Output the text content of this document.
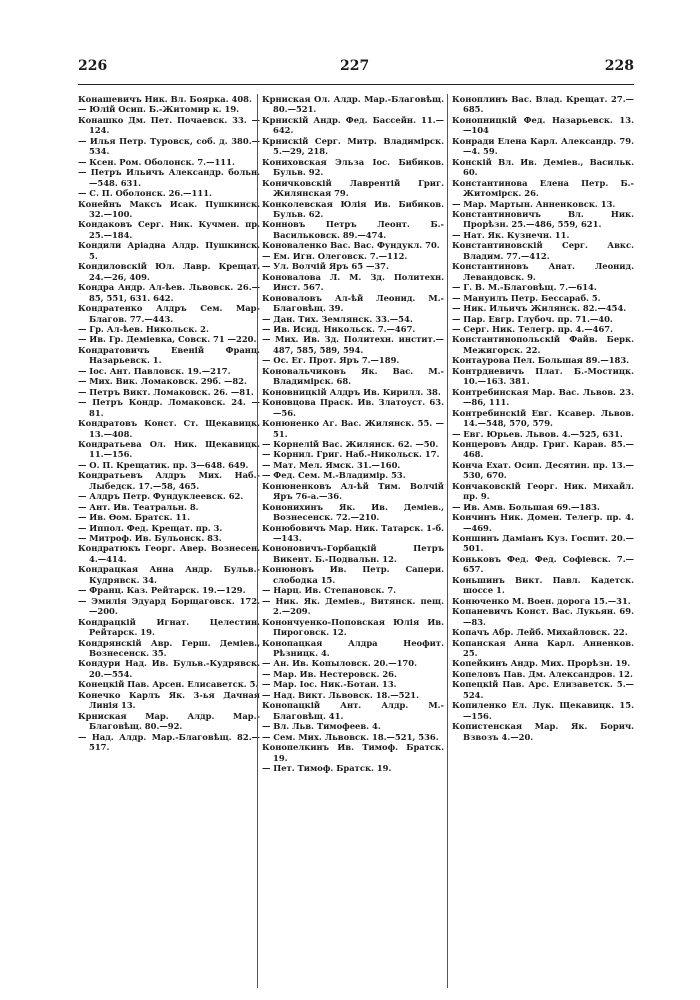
226	227	228

Конашевичъ Ник. Вл. Боярка. 408.

— Юлій Осип. Б.-Житомир к. 19.

Конашко Дм. Пет. Почаевск. 33. —124.

— Илья Петр. Туровск, соб. д. 380.—534.

— Ксен. Ром. Оболонск. 7.—111.

— Петръ Ильичъ Александр. больн.—548. 631.

— С. П. Оболонск. 26.—111.

Конейнъ Максъ Исак. Пушкинск. 32.—100.

Кондаковъ Серг. Ник. Кучмен. пр. 25.—184.

Кондили Аріадна Алдр. Пушкинск. 5.

Кондиловскій Юл. Лавр. Крещат. 24.—26, 409.

Кондра Андр. Ал-ѣев. Львовск. 26.—85, 551, 631. 642.

Кондратенко Алдръ Сем. Мар-Благов. 77.—443.

— Гр. Ал-ѣев. Никольск. 2.

— Ив. Гр. Деміевка, Совск. 71 —220.

Кондратовичъ Евеній Франц. Назарьевск. 1.

— Іос. Ант. Павловск. 19.—217.

— Мих. Вик. Ломаковск. 29б. —82.

— Петръ Викт. Ломаковск. 26. —81.

— Петръ Кондр. Ломаковск. 24. —81.

Кондратовъ Конст. Ст. Щекавицк. 13.—408.

Кондратьева Ол. Ник. Щекавицк. 11.—156.

— О. П. Крещатик. пр. 3—648. 649.

Кондратьевъ Алдръ Мих. Наб.-Лыбедск. 17.—58, 465.

— Алдръ Петр. Фундуклеевск. 62.

— Ант. Ив. Театральн. 8.

— Ив. Ѳом. Братск. 11.

— Иппол. Фед. Крещат. пр. 3.

— Митроф. Ив. Бульонск. 83.

Кондратюкъ Георг. Авер. Вознесен. 4.—414.

Кондрацкая Анна Андр. Бульв.-Кудрявск. 34.

— Франц. Каз. Рейтарск. 19.—129.

— Эмилія Эдуард Борщаговск. 172.—200.

Кондрацкій Игнат. Целестин. Рейтарск. 19.

Кондрянскій Авр. Герш. Деміев., Вознесенск. 35.

Кондури Над. Ив. Бульв.-Кудрявск. 20.—554.

Конецкій Пав. Арсен. Елисаветск. 5.

Конечко Карлъ Як. 3-ья Дачная Линія 13.

Крниская Мар. Алдр. Мар.-Благовѣщ. 80.—92.

— Над. Алдр. Мар.-Благовѣщ. 82.—517.

Крниская Ол. Алдр. Мар.-Благовѣщ. 80.—521.

Крнискій Андр. Фед. Бассейн. 11.—642.

Крнискій Серг. Митр. Владимірск. 5.—29, 218.

Кониховская Эльза Іос. Бибиков. Бульв. 92.

Коничковскій Лаврентій Григ. Жилянская 79.

Конколевская Юлія Ив. Бибиков. Бульв. 62.

Конновъ Петръ Леонт. Б.-Васильковск. 89.—474.

Коноваленко Вас. Вас. Фундукл. 70.

— Ем. Игн. Олеговск. 7.—112.

— Ул. Волчій Яръ 65 —37.

Коновалова Л. М. Зд. Политехн. Инст. 567.

Коноваловъ Ал-ѣй Леонид. М.-Благовѣщ. 39.

— Дан. Тих. Землянск. 33.—54.

— Ив. Исид. Никольск. 7.—467.

— Мих. Ив. Зд. Политехн. инстит.—487, 585, 589, 594.

— Ос. Ег. Прот. Яръ 7.—189.

Коновальчиковъ Як. Вас. М.-Владимірск. 68.

Коновницкій Алдръ Ив. Кирилл. 38.

Коновцова Праск. Ив. Златоуст. 63.—56.

Конюненко Аг. Вас. Жилянск. 55. —51.

— Корнелій Вас. Жилянск. 62. —50.

— Корнил. Григ. Наб.-Никольск. 17.

— Мат. Мел. Ямск. 31.—160.

— Фед. Сем. М.-Владимір. 53.

Конюненковъ Ал-ѣй Тим. Волчій Яръ 76-а.—36.

Кононихинъ Як. Ив. Деміев., Вознесенск. 72.—210.

Конюбовичъ Мар. Ник. Татарск. 1-б.—143.

Кононовичъ-Горбацкій Петръ Викент. Б.-Подвальн. 12.

Конюновъ Ив. Петр. Сапери. слободка 15.

— Нарц. Ив. Степановск. 7.

— Ник. Як. Деміев., Витянск. пещ. 2.—209.

Конончуенко-Поповская Юлія Ив. Пироговск. 12.

Конопацкая Алдра Неофит. Рѣзницк. 4.

— Ан. Ив. Копыловск. 20.—170.

— Мар. Ив. Нестеровск. 26.

— Мар. Іос. Ник.-Ботан. 13.

— Над. Викт. Львовск. 18.—521.

Конопацкій Ант. Алдр. М.-Благовѣщ. 41.

— Вл. Льв. Тимофеев. 4.

— Сем. Мих. Львовск. 18.—521, 536.

Конопелкинъ Ив. Тимоф. Братск. 19.

— Пет. Тимоф. Братск. 19.

Коноплинъ Вас. Влад. Крещат. 27.—685.

Конопницкій Фед. Назарьевск. 13. —104

Конради Елена Карл. Александр. 79.—4. 59.

Конскій Вл. Ив. Деміев., Васильк. 60.

Константинова Елена Петр. Б.-Житомірск. 26.

— Мар. Мартын. Анненковск. 13.

Константиновичъ Вл. Ник. Прорѣзн. 25.—486, 559, 621.

— Нат. Як. Кузнечн. 11.

Константиновскій Серг. Авкс. Владим. 77.—412.

Константиновъ Анат. Леонид. Левандовск. 9.

— Г. В. М.-Благовѣщ. 7.—614.

— Мануилъ Петр. Бессараб. 5.

— Ник. Ильичъ Жилянск. 82.—454.

— Пар. Евгр. Глубоч. пр. 71.—40.

— Серг. Ник. Телегр. пр. 4.—467.

Константинопольскій Файв. Берк. Межигорск. 22.

Контаурова Пел. Большая 89.—183.

Контрдневичъ Плат. Б.-Мостицк. 10.—163. 381.

Контребинская Мар. Вас. Львов. 23.—86, 111.

Контребинскій Евг. Ксавер. Львов. 14.—548, 570, 579.

— Евг. Юрьев. Львов. 4.—525, 631.

Концеровъ Андр. Григ. Карав. 85.—468.

Конча Ехат. Осип. Десятин. пр. 13.—530, 670.

Кончаковскій Георг. Ник. Михайл. пр. 9.

— Ив. Амв. Большая 69.—183.

Кончинъ Ник. Домен. Телегр. пр. 4.—469.

Коншинъ Даміанъ Куз. Госпит. 20.—501.

Коньковъ Фед. Фед. Софіевск. 7.—657.

Коньшинъ Викт. Павл. Кадетск. шоссе 1.

Конюченко М. Воен. дорога 15.—31.

Копаневичъ Конст. Вас. Лукьян. 69.—83.

Копачъ Абр. Лейб. Михайловск. 22.

Копанская Анна Карл. Анненков. 25.

Копейкинъ Андр. Мих. Прорѣзн. 19.

Копеловъ Пав. Дм. Александров. 12.

Копецкій Пав. Арс. Елизаветск. 5.—524.

Копиленко Ел. Лук. Щекавицк. 15. —156.

Копистенская Мар. Як. Борич. Взвозъ 4.—20.
